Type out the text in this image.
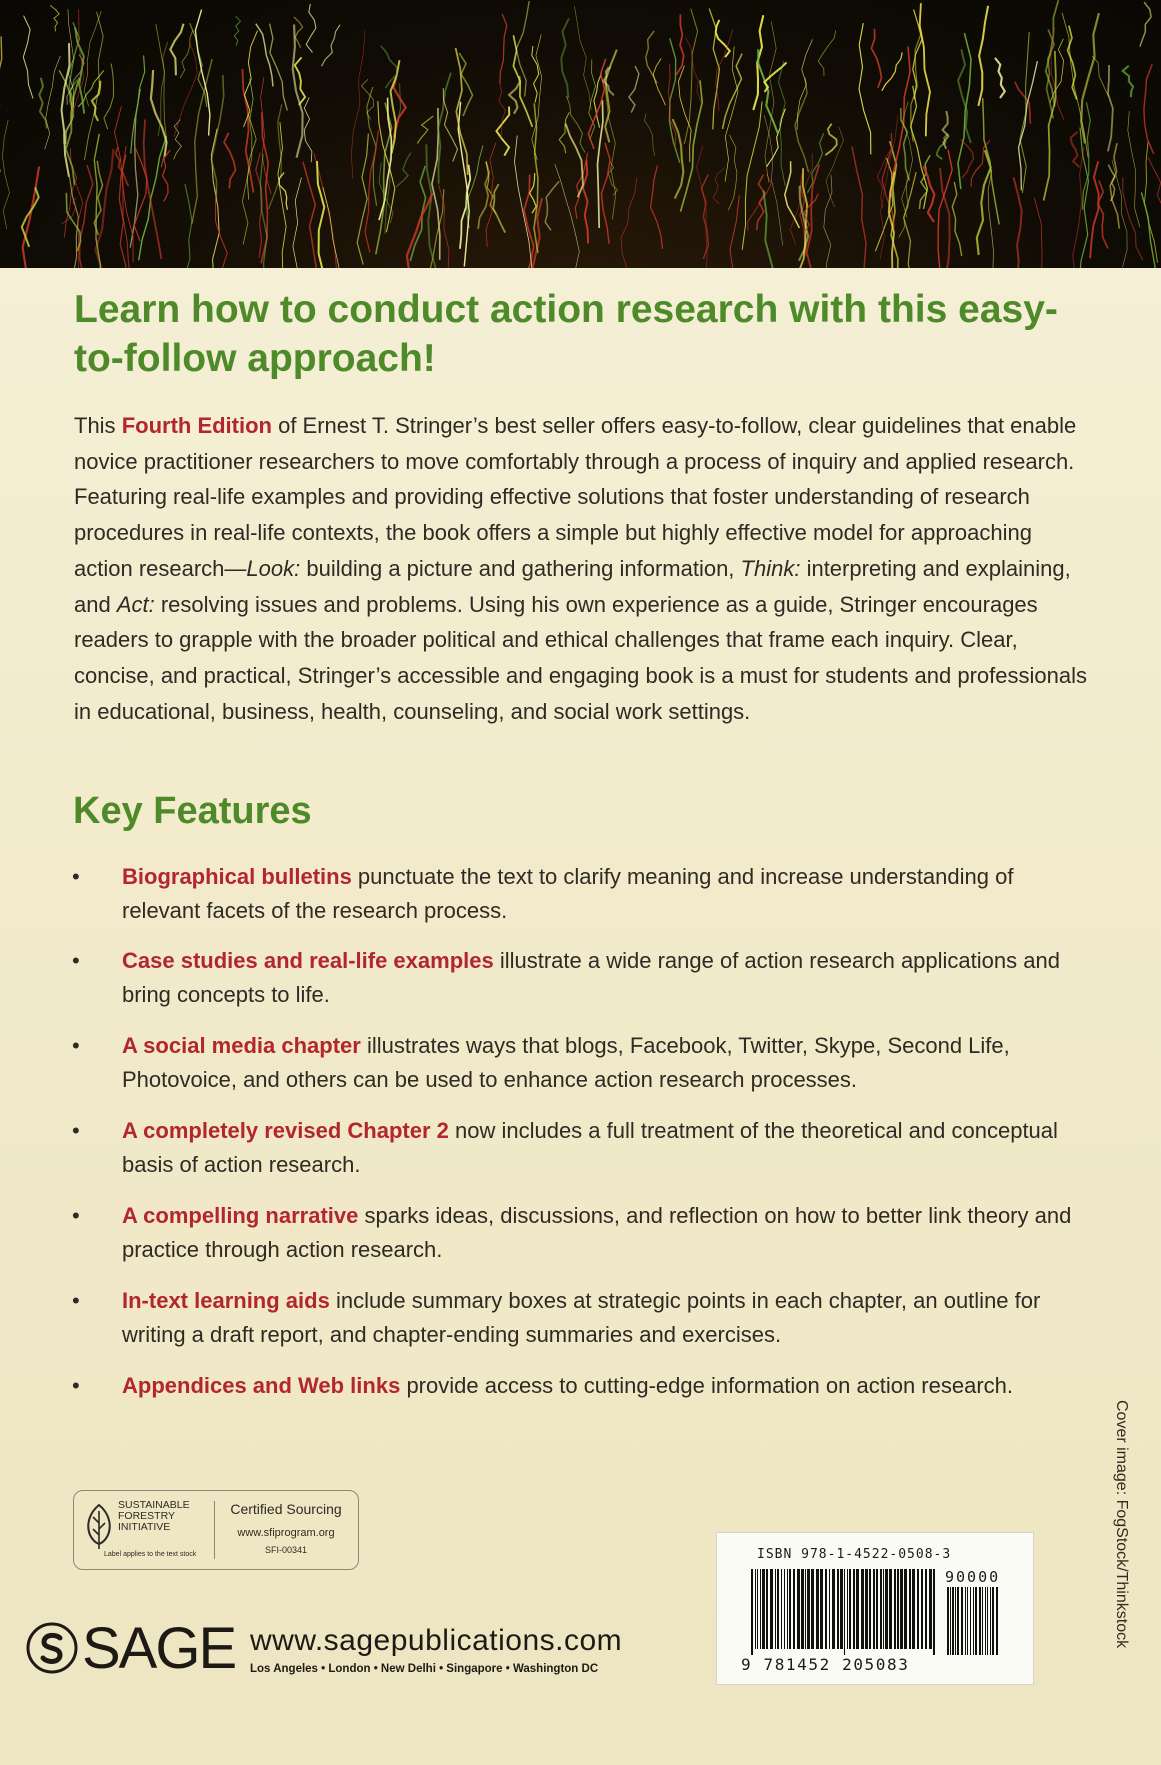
Learn how to conduct action research with this easy-to-follow approach!

This Fourth Edition of Ernest T. Stringer’s best seller offers easy-to-follow, clear guidelines that enable novice practitioner researchers to move comfortably through a process of inquiry and applied research. Featuring real-life examples and providing effective solutions that foster understanding of research procedures in real-life contexts, the book offers a simple but highly effective model for approaching action research—Look: building a picture and gathering information, Think: interpreting and explaining, and Act: resolving issues and problems. Using his own experience as a guide, Stringer encourages readers to grapple with the broader political and ethical challenges that frame each inquiry. Clear, concise, and practical, Stringer’s accessible and engaging book is a must for students and professionals in educational, business, health, counseling, and social work settings.

Key Features
• Biographical bulletins punctuate the text to clarify meaning and increase understanding of relevant facets of the research process.
• Case studies and real-life examples illustrate a wide range of action research applications and bring concepts to life.
• A social media chapter illustrates ways that blogs, Facebook, Twitter, Skype, Second Life, Photovoice, and others can be used to enhance action research processes.
• A completely revised Chapter 2 now includes a full treatment of the theoretical and conceptual basis of action research.
• A compelling narrative sparks ideas, discussions, and reflection on how to better link theory and practice through action research.
• In-text learning aids include summary boxes at strategic points in each chapter, an outline for writing a draft report, and chapter-ending summaries and exercises.
• Appendices and Web links provide access to cutting-edge information on action research.
SUSTAINABLE
FORESTRY
INITIATIVE
Label applies to the text stock
Certified Sourcing
www.sfiprogram.org
SFI-00341
SAGE www.sagepublications.com
Los Angeles • London • New Delhi • Singapore • Washington DC
ISBN 978-1-4522-0508-3
90000
9 781452 205083
Cover image: FogStock/Thinkstock
